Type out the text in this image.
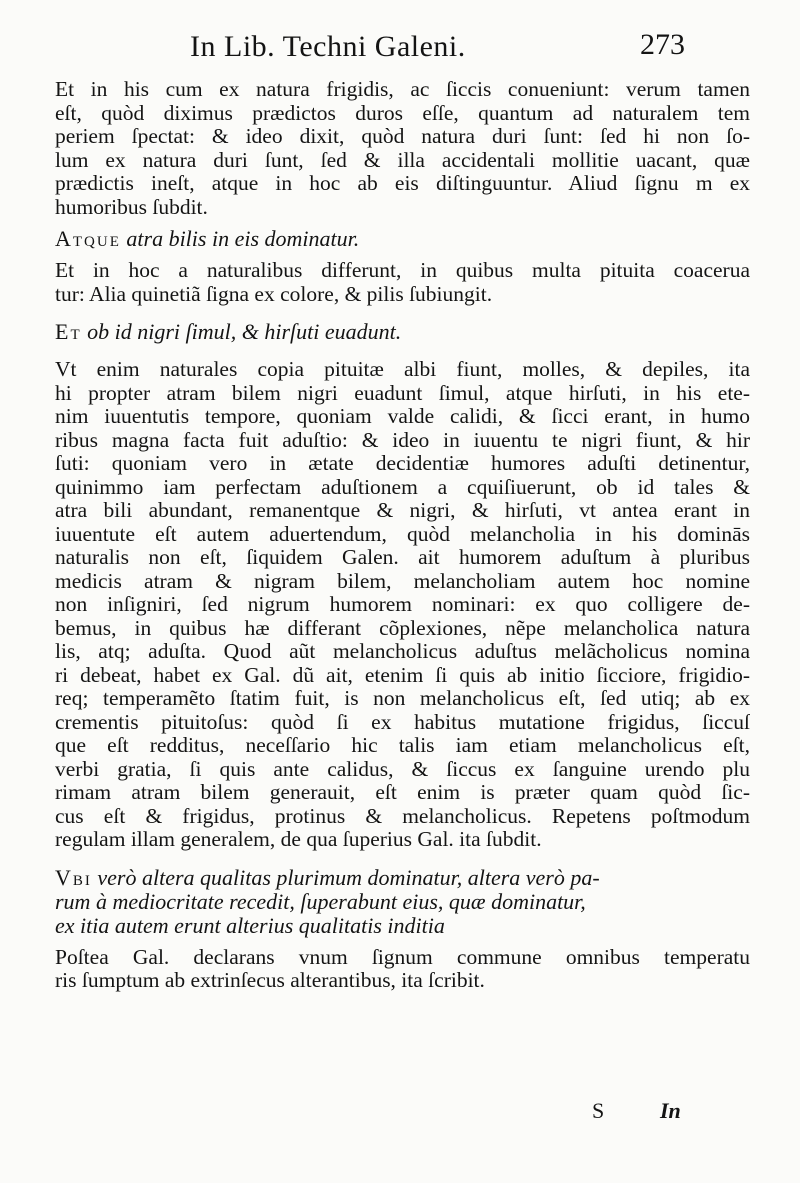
In Lib. Techni Galeni.	273
Et in his cum ex natura frigidis, ac ſiccis conueniunt: verum tamen
eſt, quòd diximus prædictos duros eſſe, quantum ad naturalem tem
periem ſpectat: & ideo dixit, quòd natura duri ſunt: ſed hi non ſo-
lum ex natura duri ſunt, ſed & illa accidentali mollitie uacant, quæ
prædictis ineſt, atque in hoc ab eis diſtinguuntur. Aliud ſignu m ex
humoribus ſubdit.
Atque atra bilis in eis dominatur.
Et in hoc a naturalibus differunt, in quibus multa pituita coacerua
tur: Alia quinetiã ſigna ex colore, & pilis ſubiungit.
Et ob id nigri ſimul, & hirſuti euadunt.
Vt enim naturales copia pituitæ albi fiunt, molles, & depiles, ita
hi propter atram bilem nigri euadunt ſimul, atque hirſuti, in his ete-
nim iuuentutis tempore, quoniam valde calidi, & ſicci erant, in humo
ribus magna facta fuit aduſtio: & ideo in iuuentu te nigri fiunt, & hir
ſuti: quoniam vero in ætate decidentiæ humores aduſti detinentur,
quinimmo iam perfectam aduſtionem a cquiſiuerunt, ob id tales &
atra bili abundant, remanentque & nigri, & hirſuti, vt antea erant in
iuuentute eſt autem aduertendum, quòd melancholia in his dominās
naturalis non eſt, ſiquidem Galen. ait humorem aduſtum à pluribus
medicis atram & nigram bilem, melancholiam autem hoc nomine
non inſigniri, ſed nigrum humorem nominari: ex quo colligere de-
bemus, in quibus hæ differant cõplexiones, nẽpe melancholica natura
lis, atq; aduſta. Quod aũt melancholicus aduſtus melãcholicus nomina
ri debeat, habet ex Gal. dũ ait, etenim ſi quis ab initio ſicciore, frigidio-
req; temperamẽto ſtatim fuit, is non melancholicus eſt, ſed utiq; ab ex
crementis pituitoſus: quòd ſi ex habitus mutatione frigidus, ſiccuſ
que eſt redditus, neceſſario hic talis iam etiam melancholicus eſt,
verbi gratia, ſi quis ante calidus, & ſiccus ex ſanguine urendo plu
rimam atram bilem generauit, eſt enim is præter quam quòd ſic-
cus eſt & frigidus, protinus & melancholicus. Repetens poſtmodum
regulam illam generalem, de qua ſuperius Gal. ita ſubdit.
Vbi verò altera qualitas plurimum dominatur, altera verò pa-
rum à mediocritate recedit, ſuperabunt eius, quæ dominatur,
ex itia autem erunt alterius qualitatis inditia
Poſtea Gal. declarans vnum ſignum commune omnibus temperatu
ris ſumptum ab extrinſecus alterantibus, ita ſcribit.
S	In
